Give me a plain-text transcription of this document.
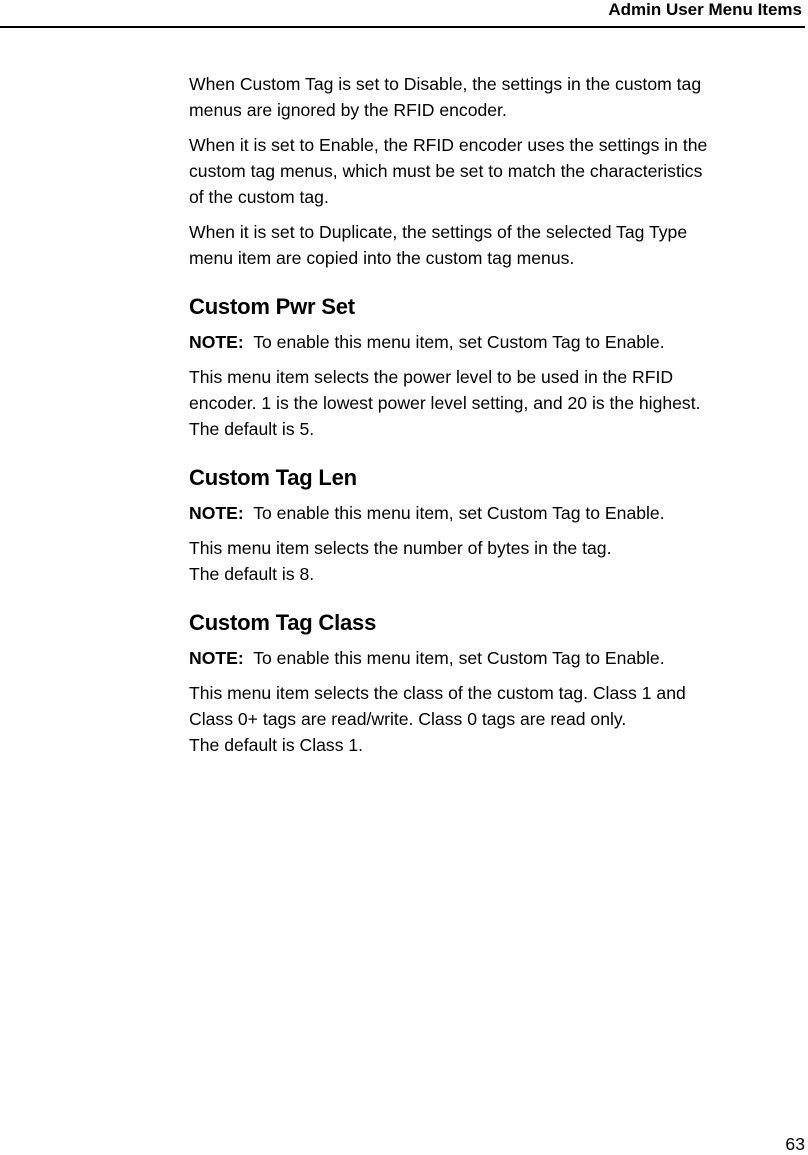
Admin User Menu Items

When Custom Tag is set to Disable, the settings in the custom tag
menus are ignored by the RFID encoder.

When it is set to Enable, the RFID encoder uses the settings in the
custom tag menus, which must be set to match the characteristics
of the custom tag.

When it is set to Duplicate, the settings of the selected Tag Type
menu item are copied into the custom tag menus.

Custom Pwr Set

NOTE: To enable this menu item, set Custom Tag to Enable.

This menu item selects the power level to be used in the RFID
encoder. 1 is the lowest power level setting, and 20 is the highest.
The default is 5.

Custom Tag Len

NOTE: To enable this menu item, set Custom Tag to Enable.

This menu item selects the number of bytes in the tag.
The default is 8.

Custom Tag Class

NOTE: To enable this menu item, set Custom Tag to Enable.

This menu item selects the class of the custom tag. Class 1 and
Class 0+ tags are read/write. Class 0 tags are read only.
The default is Class 1.

63
